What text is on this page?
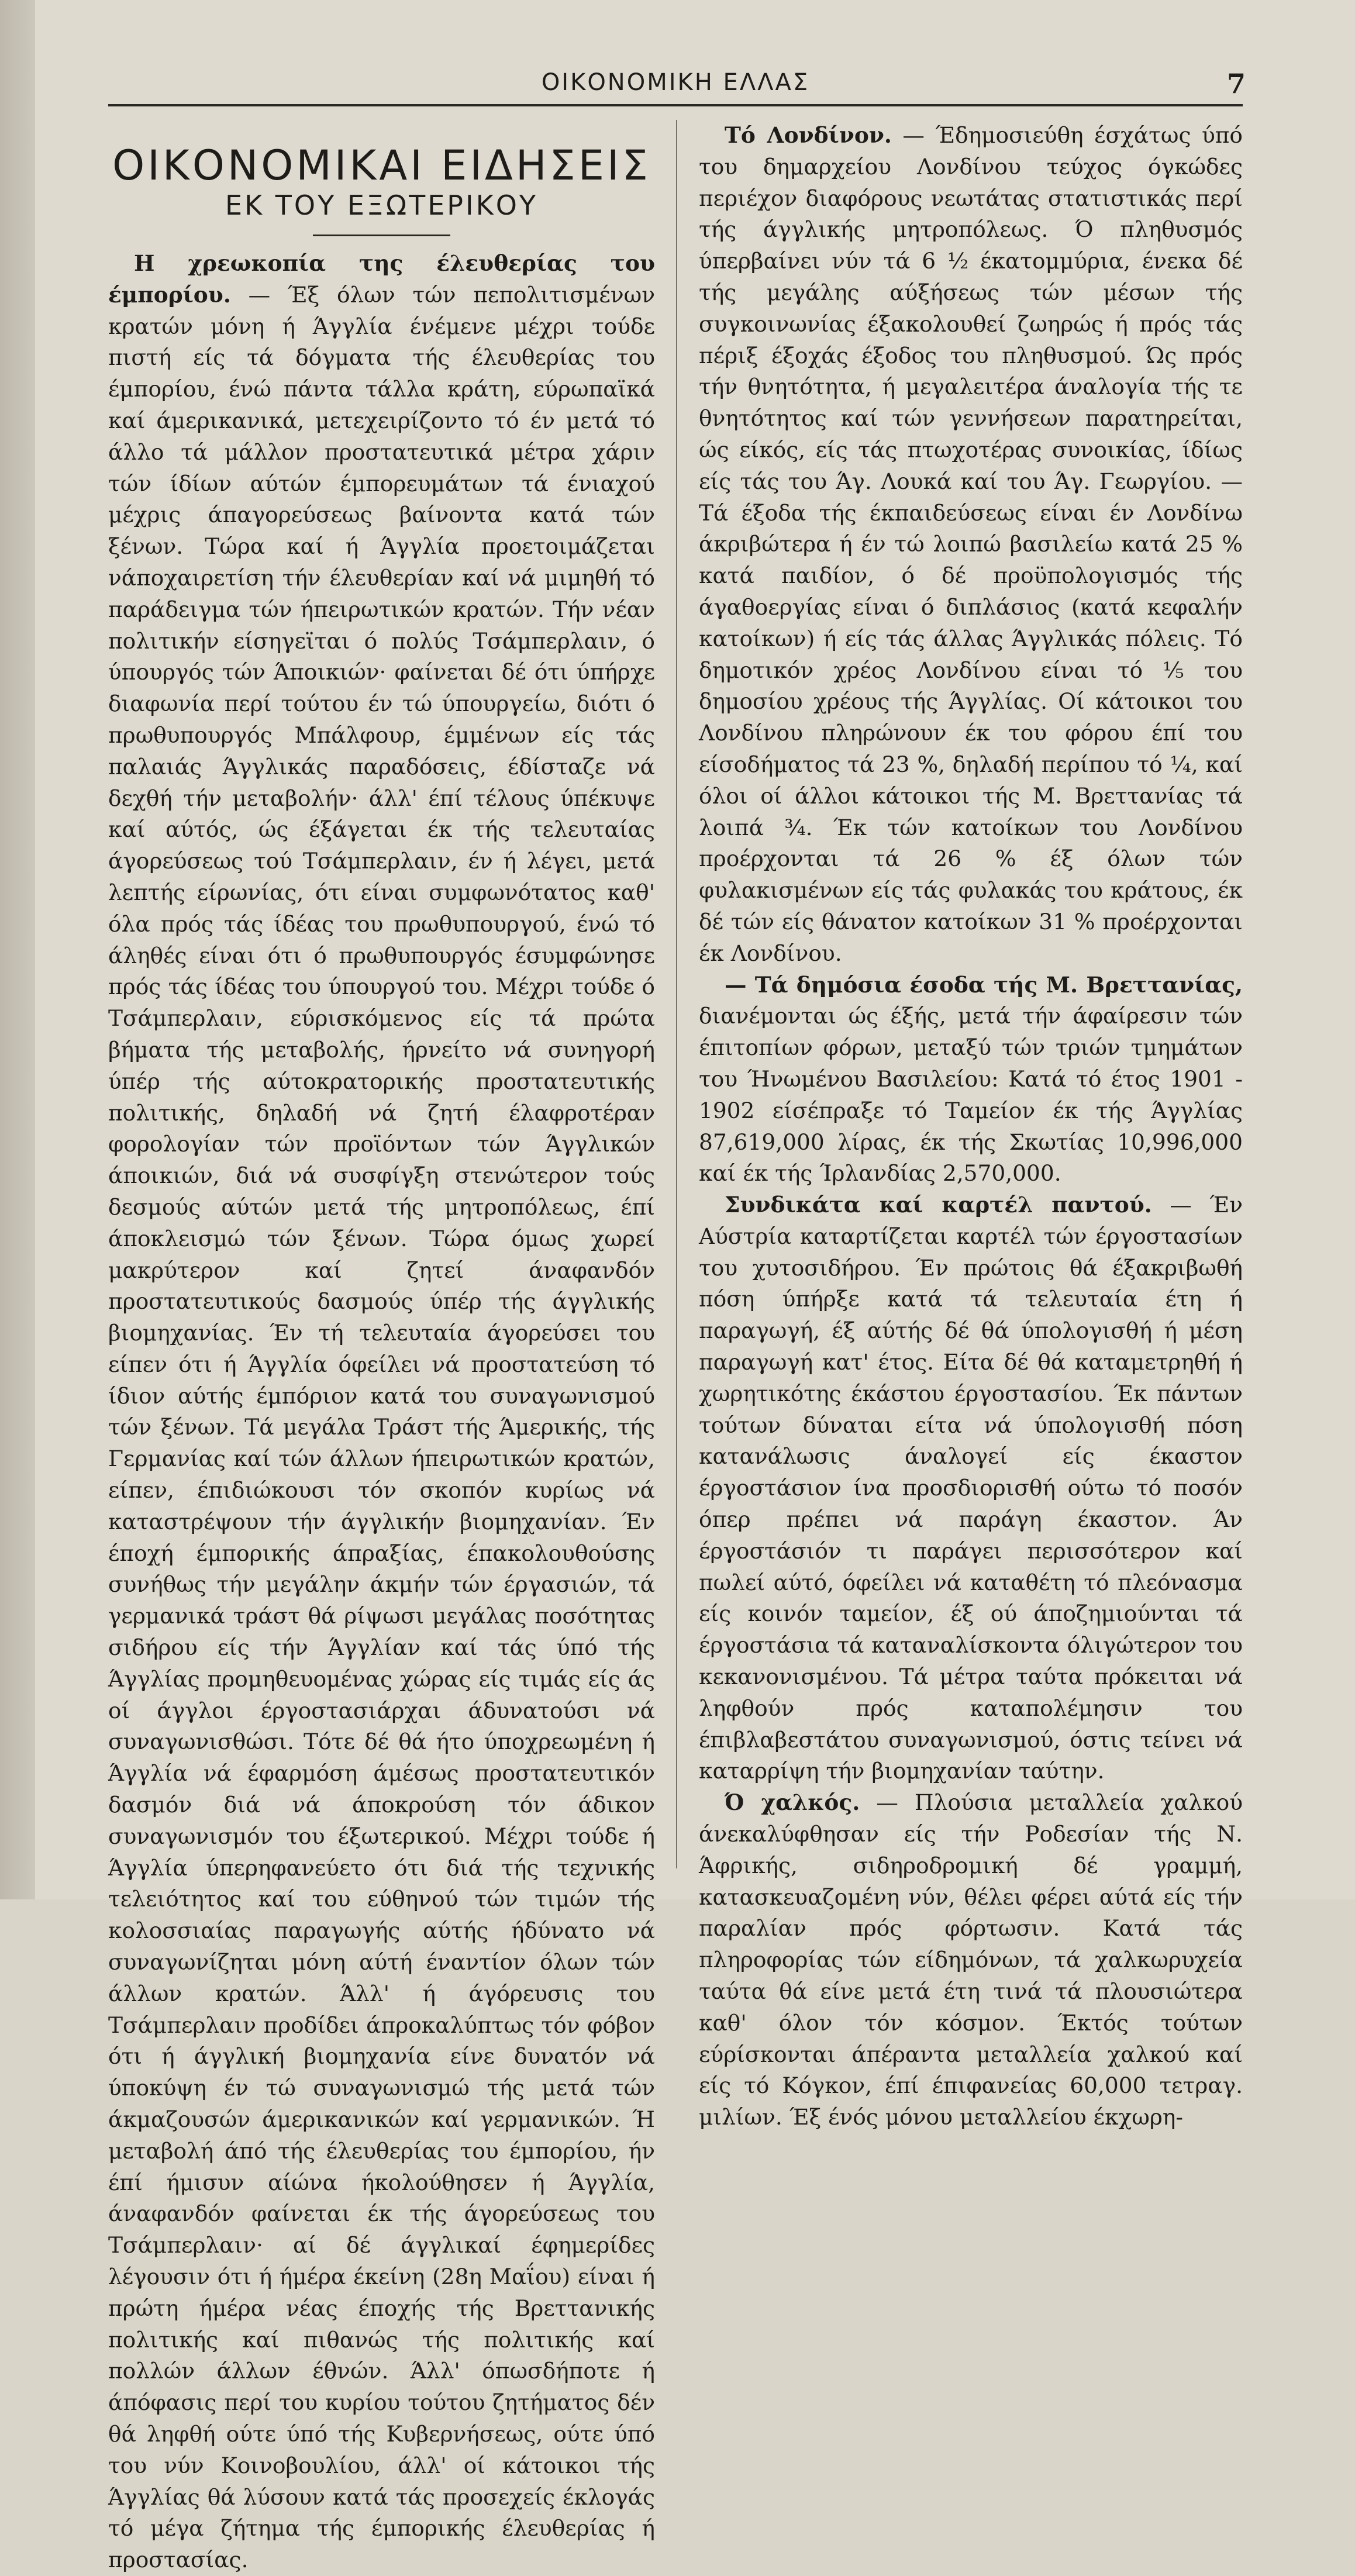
ΟΙΚΟΝΟΜΙΚΗ ΕΛΛΑΣ	7
ΟΙΚΟΝΟΜΙΚΑΙ ΕΙΔΗΣΕΙΣ
ΕΚ ΤΟΥ ΕΞΩΤΕΡΙΚΟΥ

Η χρεωκοπία της έλευθερίας του έμπορίου. — Έξ όλων τών πεπολιτισμένων κρατών μόνη ή Άγγλία ένέμενε μέχρι τούδε πιστή είς τά δόγματα τής έλευθερίας του έμπορίου, ένώ πάντα τάλλα κράτη, εύρωπαϊκά καί άμερικανικά, μετεχειρίζοντο τό έν μετά τό άλλο τά μάλλον προστατευτικά μέτρα χάριν τών ίδίων αύτών έμπορευμάτων τά ένιαχού μέχρις άπαγορεύσεως βαίνοντα κατά τών ξένων. Τώρα καί ή Άγγλία προετοιμάζεται νάποχαιρετίση τήν έλευθερίαν καί νά μιμηθή τό παράδειγμα τών ήπειρωτικών κρατών. Τήν νέαν πολιτικήν είσηγεϊται ό πολύς Τσάμπερλαιν, ό ύπουργός τών Άποικιών· φαίνεται δέ ότι ύπήρχε διαφωνία περί τούτου έν τώ ύπουργείω, διότι ό πρωθυπουργός Μπάλφουρ, έμμένων είς τάς παλαιάς Άγγλικάς παραδόσεις, έδίσταζε νά δεχθή τήν μεταβολήν· άλλ' έπί τέλους ύπέκυψε καί αύτός, ώς έξάγεται έκ τής τελευταίας άγορεύσεως τού Τσάμπερλαιν, έν ή λέγει, μετά λεπτής είρωνίας, ότι είναι συμφωνότατος καθ' όλα πρός τάς ίδέας του πρωθυπουργού, ένώ τό άληθές είναι ότι ό πρωθυπουργός έσυμφώνησε πρός τάς ίδέας του ύπουργού του. Μέχρι τούδε ό Τσάμπερλαιν, εύρισκόμενος είς τά πρώτα βήματα τής μεταβολής, ήρνείτο νά συνηγορή ύπέρ τής αύτοκρατορικής προστατευτικής πολιτικής, δηλαδή νά ζητή έλαφροτέραν φορολογίαν τών προϊόντων τών Άγγλικών άποικιών, διά νά συσφίγξη στενώτερον τούς δεσμούς αύτών μετά τής μητροπόλεως, έπί άποκλεισμώ τών ξένων. Τώρα όμως χωρεί μακρύτερον καί ζητεί άναφανδόν προστατευτικούς δασμούς ύπέρ τής άγγλικής βιομηχανίας. Έν τή τελευταία άγορεύσει του είπεν ότι ή Άγγλία όφείλει νά προστατεύση τό ίδιον αύτής έμπόριον κατά του συναγωνισμού τών ξένων. Τά μεγάλα Τράστ τής Άμερικής, τής Γερμανίας καί τών άλλων ήπειρωτικών κρατών, είπεν, έπιδιώκουσι τόν σκοπόν κυρίως νά καταστρέψουν τήν άγγλικήν βιομηχανίαν. Έν έποχή έμπορικής άπραξίας, έπακολουθούσης συνήθως τήν μεγάλην άκμήν τών έργασιών, τά γερμανικά τράστ θά ρίψωσι μεγάλας ποσότητας σιδήρου είς τήν Άγγλίαν καί τάς ύπό τής Άγγλίας προμηθευομένας χώρας είς τιμάς είς άς οί άγγλοι έργοστασιάρχαι άδυνατούσι νά συναγωνισθώσι. Τότε δέ θά ήτο ύποχρεωμένη ή Άγγλία νά έφαρμόση άμέσως προστατευτικόν δασμόν διά νά άποκρούση τόν άδικον συναγωνισμόν του έξωτερικού. Μέχρι τούδε ή Άγγλία ύπερηφανεύετο ότι διά τής τεχνικής τελειότητος καί του εύθηνού τών τιμών τής κολοσσιαίας παραγωγής αύτής ήδύνατο νά συναγωνίζηται μόνη αύτή έναντίον όλων τών άλλων κρατών. Άλλ' ή άγόρευσις του Τσάμπερλαιν προδίδει άπροκαλύπτως τόν φόβον ότι ή άγγλική βιομηχανία είνε δυνατόν νά ύποκύψη έν τώ συναγωνισμώ τής μετά τών άκμαζουσών άμερικανικών καί γερμανικών. Ή μεταβολή άπό τής έλευθερίας του έμπορίου, ήν έπί ήμισυν αίώνα ήκολούθησεν ή Άγγλία, άναφανδόν φαίνεται έκ τής άγορεύσεως του Τσάμπερλαιν· αί δέ άγγλικαί έφημερίδες λέγουσιν ότι ή ήμέρα έκείνη (28η Μαΐου) είναι ή πρώτη ήμέρα νέας έποχής τής Βρεττανικής πολιτικής καί πιθανώς τής πολιτικής καί πολλών άλλων έθνών. Άλλ' όπωσδήποτε ή άπόφασις περί του κυρίου τούτου ζητήματος δέν θά ληφθή ούτε ύπό τής Κυβερνήσεως, ούτε ύπό του νύν Κοινοβουλίου, άλλ' οί κάτοικοι τής Άγγλίας θά λύσουν κατά τάς προσεχείς έκλογάς τό μέγα ζήτημα τής έμπορικής έλευθερίας ή προστασίας.

Τό Λονδίνον. — Έδημοσιεύθη έσχάτως ύπό του δημαρχείου Λονδίνου τεύχος όγκώδες περιέχον διαφόρους νεωτάτας στατιστικάς περί τής άγγλικής μητροπόλεως. Ό πληθυσμός ύπερβαίνει νύν τά 6 ½ έκατομμύρια, ένεκα δέ τής μεγάλης αύξήσεως τών μέσων τής συγκοινωνίας έξακολουθεί ζωηρώς ή πρός τάς πέριξ έξοχάς έξοδος του πληθυσμού. Ώς πρός τήν θνητότητα, ή μεγαλειτέρα άναλογία τής τε θνητότητος καί τών γεννήσεων παρατηρείται, ώς είκός, είς τάς πτωχοτέρας συνοικίας, ίδίως είς τάς του Άγ. Λουκά καί του Άγ. Γεωργίου. — Τά έξοδα τής έκπαιδεύσεως είναι έν Λονδίνω άκριβώτερα ή έν τώ λοιπώ βασιλείω κατά 25 % κατά παιδίον, ό δέ προϋπολογισμός τής άγαθοεργίας είναι ό διπλάσιος (κατά κεφαλήν κατοίκων) ή είς τάς άλλας Άγγλικάς πόλεις. Τό δημοτικόν χρέος Λονδίνου είναι τό ⅕ του δημοσίου χρέους τής Άγγλίας. Οί κάτοικοι του Λονδίνου πληρώνουν έκ του φόρου έπί του είσοδήματος τά 23 %, δηλαδή περίπου τό ¼, καί όλοι οί άλλοι κάτοικοι τής Μ. Βρεττανίας τά λοιπά ¾. Έκ τών κατοίκων του Λονδίνου προέρχονται τά 26 % έξ όλων τών φυλακισμένων είς τάς φυλακάς του κράτους, έκ δέ τών είς θάνατον κατοίκων 31 % προέρχονται έκ Λονδίνου.

— Τά δημόσια έσοδα τής Μ. Βρεττανίας, διανέμονται ώς έξής, μετά τήν άφαίρεσιν τών έπιτοπίων φόρων, μεταξύ τών τριών τμημάτων του Ήνωμένου Βασιλείου: Κατά τό έτος 1901 - 1902 είσέπραξε τό Ταμείον έκ τής Άγγλίας 87,619,000 λίρας, έκ τής Σκωτίας 10,996,000 καί έκ τής Ίρλανδίας 2,570,000.

Συνδικάτα καί καρτέλ παντού. — Έν Αύστρία καταρτίζεται καρτέλ τών έργοστασίων του χυτοσιδήρου. Έν πρώτοις θά έξακριβωθή πόση ύπήρξε κατά τά τελευταία έτη ή παραγωγή, έξ αύτής δέ θά ύπολογισθή ή μέση παραγωγή κατ' έτος. Είτα δέ θά καταμετρηθή ή χωρητικότης έκάστου έργοστασίου. Έκ πάντων τούτων δύναται είτα νά ύπολογισθή πόση κατανάλωσις άναλογεί είς έκαστον έργοστάσιον ίνα προσδιορισθή ούτω τό ποσόν όπερ πρέπει νά παράγη έκαστον. Άν έργοστάσιόν τι παράγει περισσότερον καί πωλεί αύτό, όφείλει νά καταθέτη τό πλεόνασμα είς κοινόν ταμείον, έξ ού άποζημιούνται τά έργοστάσια τά καταναλίσκοντα όλιγώτερον του κεκανονισμένου. Τά μέτρα ταύτα πρόκειται νά ληφθούν πρός καταπολέμησιν του έπιβλαβεστάτου συναγωνισμού, όστις τείνει νά καταρρίψη τήν βιομηχανίαν ταύτην.

Ό χαλκός. — Πλούσια μεταλλεία χαλκού άνεκαλύφθησαν είς τήν Ροδεσίαν τής Ν. Άφρικής, σιδηροδρομική δέ γραμμή, κατασκευαζομένη νύν, θέλει φέρει αύτά είς τήν παραλίαν πρός φόρτωσιν. Κατά τάς πληροφορίας τών είδημόνων, τά χαλκωρυχεία ταύτα θά είνε μετά έτη τινά τά πλουσιώτερα καθ' όλον τόν κόσμον. Έκτός τούτων εύρίσκονται άπέραντα μεταλλεία χαλκού καί είς τό Κόγκον, έπί έπιφανείας 60,000 τετραγ. μιλίων. Έξ ένός μόνου μεταλλείου έκχωρη-
